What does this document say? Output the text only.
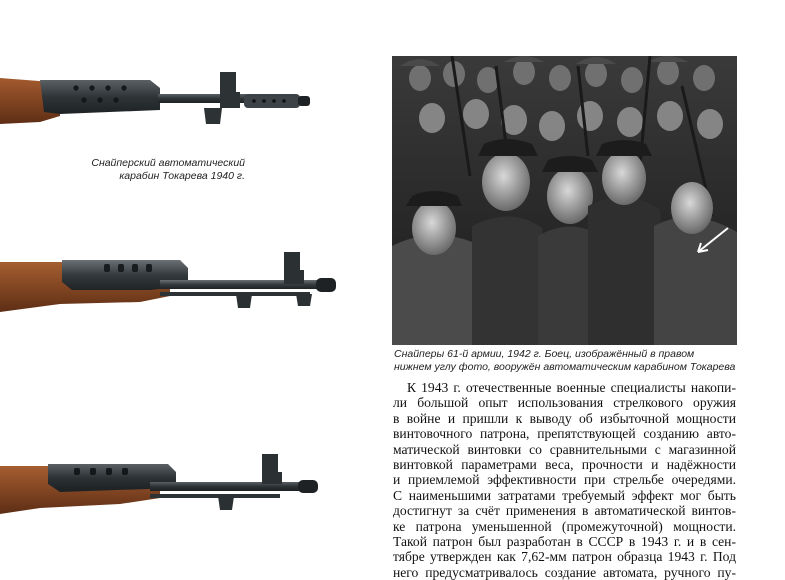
Снайперский автоматический
карабин Токарева 1940 г.

Снайперы 61-й армии, 1942 г. Боец, изображённый в правом
нижнем углу фото, вооружён автоматическим карабином Токарева

К 1943 г. отечественные военные специалисты накопи-
ли большой опыт использования стрелкового оружия
в войне и пришли к выводу об избыточной мощности
винтовочного патрона, препятствующей созданию авто-
матической винтовки со сравнительными с магазинной
винтовкой параметрами веса, прочности и надёжности
и приемлемой эффективности при стрельбе очередями.
С наименьшими затратами требуемый эффект мог быть
достигнут за счёт применения в автоматической винтов-
ке патрона уменьшенной (промежуточной) мощности.
Такой патрон был разработан в СССР в 1943 г. и в сен-
тябре утвержден как 7,62-мм патрон образца 1943 г. Под
него предусматривалось создание автомата, ручного пу-
